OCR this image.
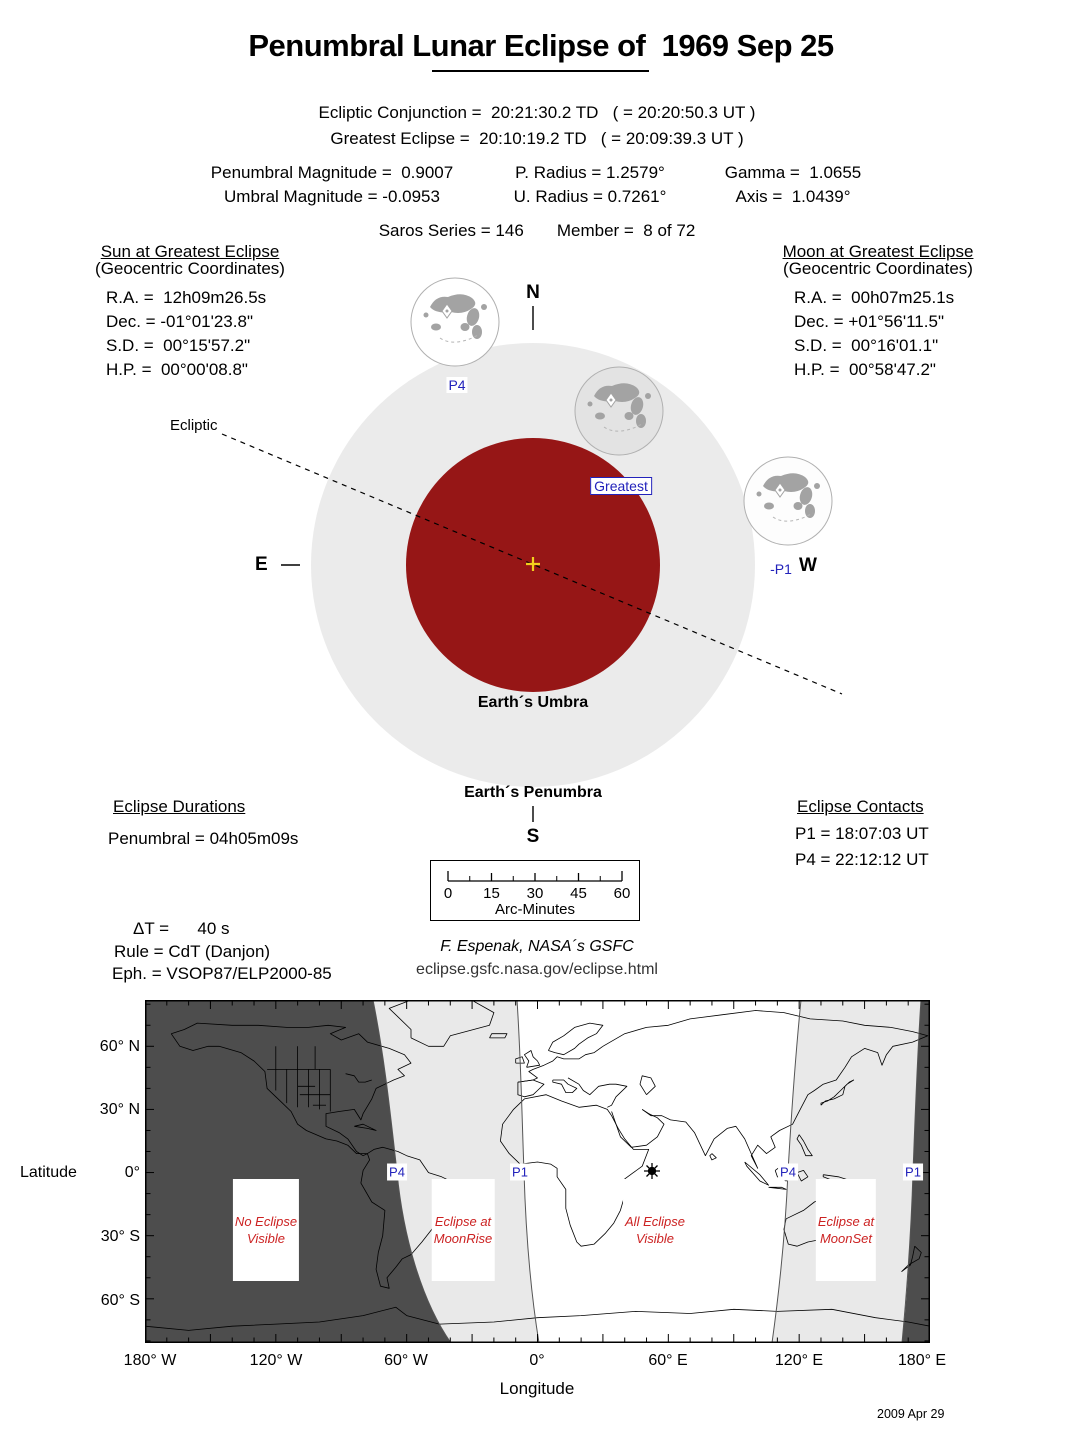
Penumbral Lunar Eclipse of  1969 Sep 25
Ecliptic Conjunction =  20:21:30.2 TD   ( = 20:20:50.3 UT )
Greatest Eclipse =  20:10:19.2 TD   ( = 20:09:39.3 UT )
Penumbral Magnitude =  0.9007	P. Radius = 1.2579°	Gamma =  1.0655
Umbral Magnitude = -0.0953	U. Radius = 0.7261°	Axis =  1.0439°
Saros Series = 146       Member =  8 of 72
Sun at Greatest Eclipse
(Geocentric Coordinates)
R.A. =  12h09m26.5s
Dec. = -01°01'23.8"
S.D. =  00°15'57.2"
H.P. =  00°00'08.8"
Moon at Greatest Eclipse
(Geocentric Coordinates)
R.A. =  00h07m25.1s
Dec. = +01°56'11.5"
S.D. =  00°16'01.1"
H.P. =  00°58'47.2"
N
E	W
S
Ecliptic
P4
Greatest
-P1
Earth´s Umbra
Earth´s Penumbra
Eclipse Durations
Penumbral = 04h05m09s
Eclipse Contacts
P1 = 18:07:03 UT
P4 = 22:12:12 UT

0

15

30

45

60

Arc-Minutes

ΔT =      40 s
Rule = CdT (Danjon)
Eph. = VSOP87/ELP2000-85
F. Espenak, NASA´s GSFC
eclipse.gsfc.nasa.gov/eclipse.html

No Eclipse
Visible

Eclipse at
MoonRise

All Eclipse
Visible

Eclipse at
MoonSet

P4

	P1

	P4

	P1

60° N
30° N
0°
30° S
60° S
Latitude
180° W	120° W	60° W	0°	60° E	120° E	180° E
Longitude
2009 Apr 29
